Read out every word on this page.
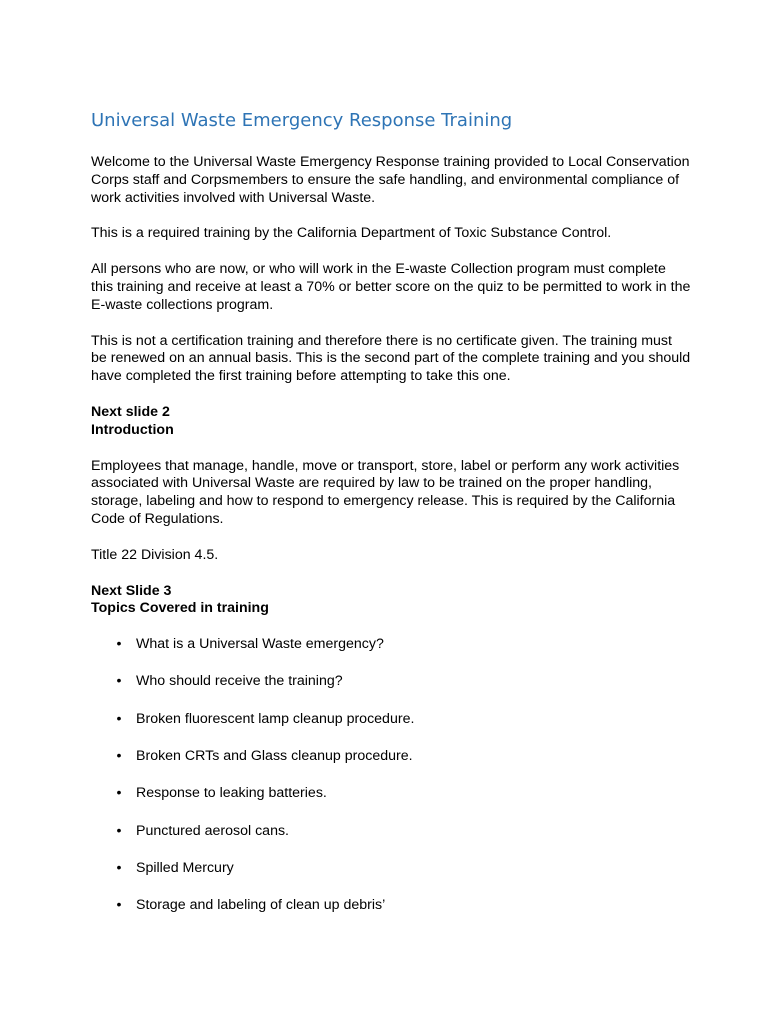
Universal Waste Emergency Response Training

Welcome to the Universal Waste Emergency Response training provided to Local Conservation Corps staff and Corpsmembers to ensure the safe handling, and environmental compliance of work activities involved with Universal Waste.

This is a required training by the California Department of Toxic Substance Control.

All persons who are now, or who will work in the E-waste Collection program must complete this training and receive at least a 70% or better score on the quiz to be permitted to work in the E-waste collections program.

This is not a certification training and therefore there is no certificate given. The training must be renewed on an annual basis. This is the second part of the complete training and you should have completed the first training before attempting to take this one.

Next slide 2

Introduction

Employees that manage, handle, move or transport, store, label or perform any work activities associated with Universal Waste are required by law to be trained on the proper handling, storage, labeling and how to respond to emergency release. This is required by the California Code of Regulations.

Title 22 Division 4.5.

Next Slide 3

Topics Covered in training

• What is a Universal Waste emergency?
• Who should receive the training?
• Broken fluorescent lamp cleanup procedure.
• Broken CRTs and Glass cleanup procedure.
• Response to leaking batteries.
• Punctured aerosol cans.
• Spilled Mercury
• Storage and labeling of clean up debris’
